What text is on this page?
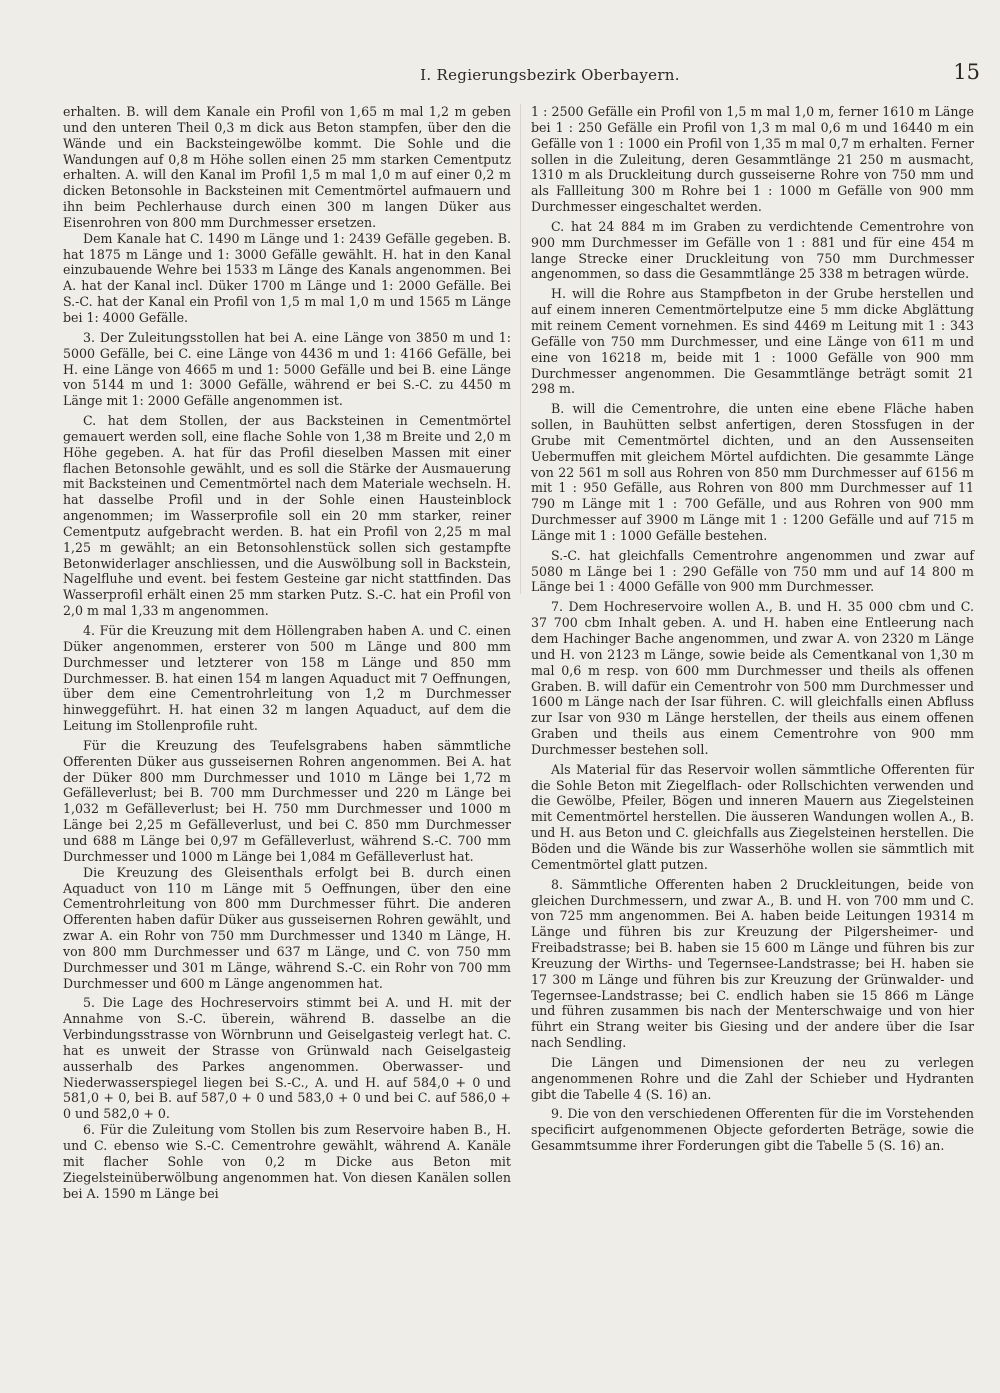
I. Regierungsbezirk Oberbayern.	15

erhalten. B. will dem Kanale ein Profil von 1,65 m mal 1,2 m geben und den unteren Theil 0,3 m dick aus Beton stampfen, über den die Wände und ein Backsteingewölbe kommt. Die Sohle und die Wandungen auf 0,8 m Höhe sollen einen 25 mm starken Cementputz erhalten. A. will den Kanal im Profil 1,5 m mal 1,0 m auf einer 0,2 m dicken Betonsohle in Backsteinen mit Cementmörtel aufmauern und ihn beim Pechlerhause durch einen 300 m langen Düker aus Eisenrohren von 800 mm Durchmesser ersetzen.

Dem Kanale hat C. 1490 m Länge und 1: 2439 Gefälle gegeben. B. hat 1875 m Länge und 1: 3000 Gefälle gewählt. H. hat in den Kanal einzubauende Wehre bei 1533 m Länge des Kanals angenommen. Bei A. hat der Kanal incl. Düker 1700 m Länge und 1: 2000 Gefälle. Bei S.-C. hat der Kanal ein Profil von 1,5 m mal 1,0 m und 1565 m Länge bei 1: 4000 Gefälle.

3. Der Zuleitungsstollen hat bei A. eine Länge von 3850 m und 1: 5000 Gefälle, bei C. eine Länge von 4436 m und 1: 4166 Gefälle, bei H. eine Länge von 4665 m und 1: 5000 Gefälle und bei B. eine Länge von 5144 m und 1: 3000 Gefälle, während er bei S.-C. zu 4450 m Länge mit 1: 2000 Gefälle angenommen ist.

C. hat dem Stollen, der aus Backsteinen in Cementmörtel gemauert werden soll, eine flache Sohle von 1,38 m Breite und 2,0 m Höhe gegeben. A. hat für das Profil dieselben Massen mit einer flachen Betonsohle gewählt, und es soll die Stärke der Ausmauerung mit Backsteinen und Cementmörtel nach dem Materiale wechseln. H. hat dasselbe Profil und in der Sohle einen Hausteinblock angenommen; im Wasserprofile soll ein 20 mm starker, reiner Cementputz aufgebracht werden. B. hat ein Profil von 2,25 m mal 1,25 m gewählt; an ein Betonsohlenstück sollen sich gestampfte Betonwiderlager anschliessen, und die Auswölbung soll in Backstein, Nagelfluhe und event. bei festem Gesteine gar nicht stattfinden. Das Wasserprofil erhält einen 25 mm starken Putz. S.-C. hat ein Profil von 2,0 m mal 1,33 m angenommen.

4. Für die Kreuzung mit dem Höllengraben haben A. und C. einen Düker angenommen, ersterer von 500 m Länge und 800 mm Durchmesser und letzterer von 158 m Länge und 850 mm Durchmesser. B. hat einen 154 m langen Aquaduct mit 7 Oeffnungen, über dem eine Cementrohrleitung von 1,2 m Durchmesser hinweggeführt. H. hat einen 32 m langen Aquaduct, auf dem die Leitung im Stollenprofile ruht.

Für die Kreuzung des Teufelsgrabens haben sämmtliche Offerenten Düker aus gusseisernen Rohren angenommen. Bei A. hat der Düker 800 mm Durchmesser und 1010 m Länge bei 1,72 m Gefälleverlust; bei B. 700 mm Durchmesser und 220 m Länge bei 1,032 m Gefälleverlust; bei H. 750 mm Durchmesser und 1000 m Länge bei 2,25 m Gefälleverlust, und bei C. 850 mm Durchmesser und 688 m Länge bei 0,97 m Gefälleverlust, während S.-C. 700 mm Durchmesser und 1000 m Länge bei 1,084 m Gefälleverlust hat.

Die Kreuzung des Gleisenthals erfolgt bei B. durch einen Aquaduct von 110 m Länge mit 5 Oeffnungen, über den eine Cementrohrleitung von 800 mm Durchmesser führt. Die anderen Offerenten haben dafür Düker aus gusseisernen Rohren gewählt, und zwar A. ein Rohr von 750 mm Durchmesser und 1340 m Länge, H. von 800 mm Durchmesser und 637 m Länge, und C. von 750 mm Durchmesser und 301 m Länge, während S.-C. ein Rohr von 700 mm Durchmesser und 600 m Länge angenommen hat.

5. Die Lage des Hochreservoirs stimmt bei A. und H. mit der Annahme von S.-C. überein, während B. dasselbe an die Verbindungsstrasse von Wörnbrunn und Geiselgasteig verlegt hat. C. hat es unweit der Strasse von Grünwald nach Geiselgasteig ausserhalb des Parkes angenommen. Oberwasser- und Niederwasserspiegel liegen bei S.-C., A. und H. auf 584,0 + 0 und 581,0 + 0, bei B. auf 587,0 + 0 und 583,0 + 0 und bei C. auf 586,0 + 0 und 582,0 + 0.

6. Für die Zuleitung vom Stollen bis zum Reservoire haben B., H. und C. ebenso wie S.-C. Cementrohre gewählt, während A. Kanäle mit flacher Sohle von 0,2 m Dicke aus Beton mit Ziegelsteinüberwölbung angenommen hat. Von diesen Kanälen sollen bei A. 1590 m Länge bei

1 : 2500 Gefälle ein Profil von 1,5 m mal 1,0 m, ferner 1610 m Länge bei 1 : 250 Gefälle ein Profil von 1,3 m mal 0,6 m und 16440 m ein Gefälle von 1 : 1000 ein Profil von 1,35 m mal 0,7 m erhalten. Ferner sollen in die Zuleitung, deren Gesammtlänge 21 250 m ausmacht, 1310 m als Druckleitung durch gusseiserne Rohre von 750 mm und als Fallleitung 300 m Rohre bei 1 : 1000 m Gefälle von 900 mm Durchmesser eingeschaltet werden.

C. hat 24 884 m im Graben zu verdichtende Cementrohre von 900 mm Durchmesser im Gefälle von 1 : 881 und für eine 454 m lange Strecke einer Druckleitung von 750 mm Durchmesser angenommen, so dass die Gesammtlänge 25 338 m betragen würde.

H. will die Rohre aus Stampfbeton in der Grube herstellen und auf einem inneren Cementmörtelputze eine 5 mm dicke Abglättung mit reinem Cement vornehmen. Es sind 4469 m Leitung mit 1 : 343 Gefälle von 750 mm Durchmesser, und eine Länge von 611 m und eine von 16218 m, beide mit 1 : 1000 Gefälle von 900 mm Durchmesser angenommen. Die Gesammtlänge beträgt somit 21 298 m.

B. will die Cementrohre, die unten eine ebene Fläche haben sollen, in Bauhütten selbst anfertigen, deren Stossfugen in der Grube mit Cementmörtel dichten, und an den Aussenseiten Uebermuffen mit gleichem Mörtel aufdichten. Die gesammte Länge von 22 561 m soll aus Rohren von 850 mm Durchmesser auf 6156 m mit 1 : 950 Gefälle, aus Rohren von 800 mm Durchmesser auf 11 790 m Länge mit 1 : 700 Gefälle, und aus Rohren von 900 mm Durchmesser auf 3900 m Länge mit 1 : 1200 Gefälle und auf 715 m Länge mit 1 : 1000 Gefälle bestehen.

S.-C. hat gleichfalls Cementrohre angenommen und zwar auf 5080 m Länge bei 1 : 290 Gefälle von 750 mm und auf 14 800 m Länge bei 1 : 4000 Gefälle von 900 mm Durchmesser.

7. Dem Hochreservoire wollen A., B. und H. 35 000 cbm und C. 37 700 cbm Inhalt geben. A. und H. haben eine Entleerung nach dem Hachinger Bache angenommen, und zwar A. von 2320 m Länge und H. von 2123 m Länge, sowie beide als Cementkanal von 1,30 m mal 0,6 m resp. von 600 mm Durchmesser und theils als offenen Graben. B. will dafür ein Cementrohr von 500 mm Durchmesser und 1600 m Länge nach der Isar führen. C. will gleichfalls einen Abfluss zur Isar von 930 m Länge herstellen, der theils aus einem offenen Graben und theils aus einem Cementrohre von 900 mm Durchmesser bestehen soll.

Als Material für das Reservoir wollen sämmtliche Offerenten für die Sohle Beton mit Ziegelflach- oder Rollschichten verwenden und die Gewölbe, Pfeiler, Bögen und inneren Mauern aus Ziegelsteinen mit Cementmörtel herstellen. Die äusseren Wandungen wollen A., B. und H. aus Beton und C. gleichfalls aus Ziegelsteinen herstellen. Die Böden und die Wände bis zur Wasserhöhe wollen sie sämmtlich mit Cementmörtel glatt putzen.

8. Sämmtliche Offerenten haben 2 Druckleitungen, beide von gleichen Durchmessern, und zwar A., B. und H. von 700 mm und C. von 725 mm angenommen. Bei A. haben beide Leitungen 19314 m Länge und führen bis zur Kreuzung der Pilgersheimer- und Freibadstrasse; bei B. haben sie 15 600 m Länge und führen bis zur Kreuzung der Wirths- und Tegernsee-Landstrasse; bei H. haben sie 17 300 m Länge und führen bis zur Kreuzung der Grünwalder- und Tegernsee-Landstrasse; bei C. endlich haben sie 15 866 m Länge und führen zusammen bis nach der Menterschwaige und von hier führt ein Strang weiter bis Giesing und der andere über die Isar nach Sendling.

Die Längen und Dimensionen der neu zu verlegen angenommenen Rohre und die Zahl der Schieber und Hydranten gibt die Tabelle 4 (S. 16) an.

9. Die von den verschiedenen Offerenten für die im Vorstehenden specificirt aufgenommenen Objecte geforderten Beträge, sowie die Gesammtsumme ihrer Forderungen gibt die Tabelle 5 (S. 16) an.
